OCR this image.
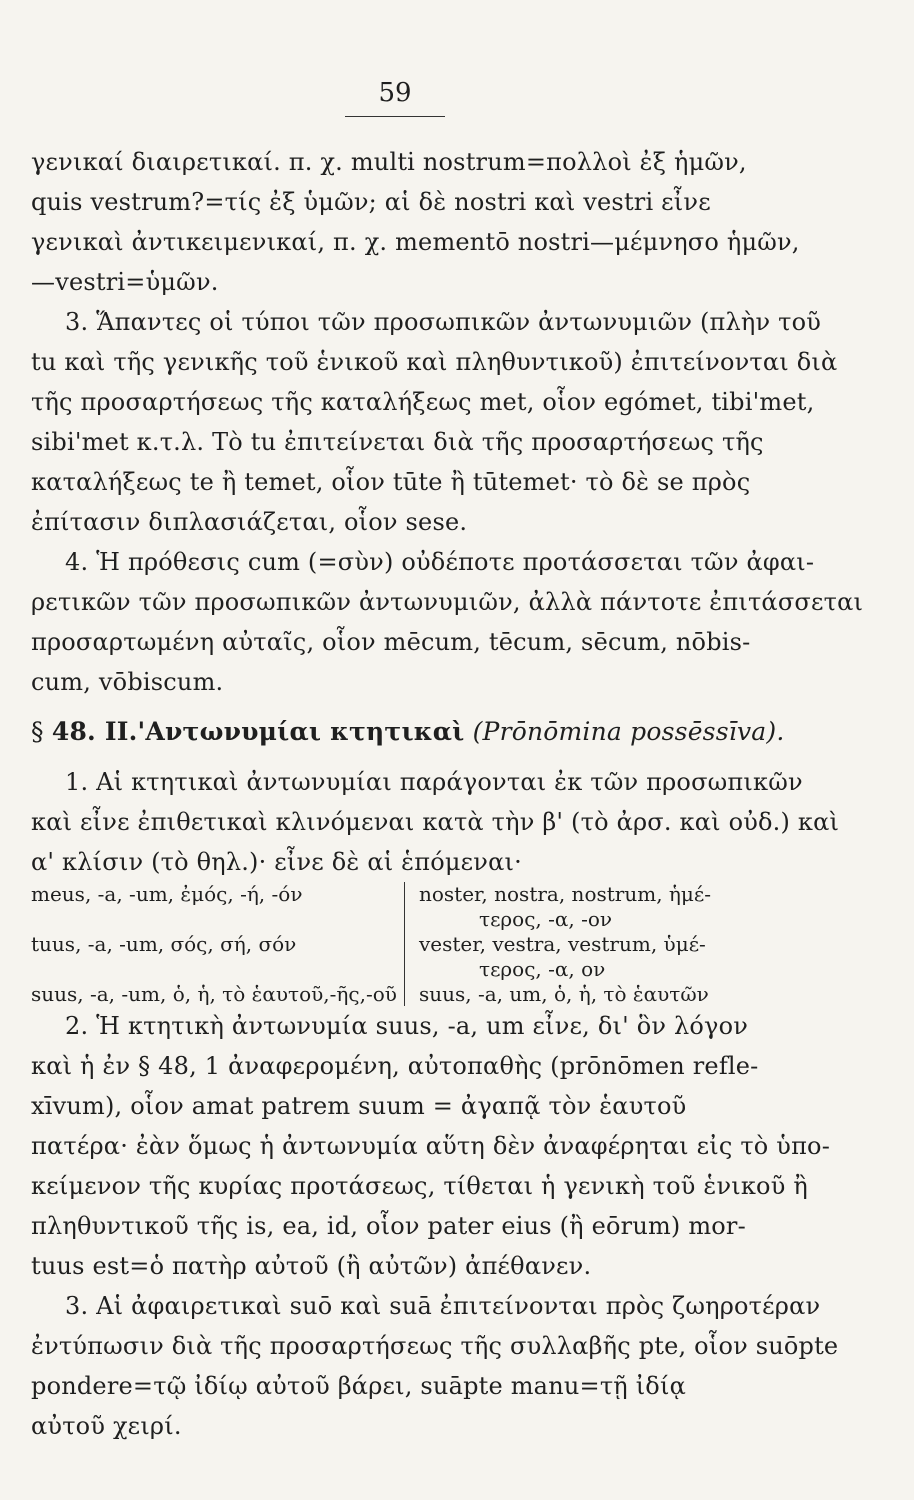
59
γενικαί διαιρετικαί. π. χ. multi nostrum=πολλοὶ ἐξ ἡμῶν,
quis vestrum?=τίς ἐξ ὑμῶν; αἱ δὲ nostri καὶ vestri εἶνε
γενικαὶ ἀντικειμενικαί, π. χ. mementō nostri—μέμνησο ἡμῶν,
—vestri=ὑμῶν.
3. Ἅπαντες οἱ τύποι τῶν προσωπικῶν ἀντωνυμιῶν (πλὴν τοῦ
tu καὶ τῆς γενικῆς τοῦ ἑνικοῦ καὶ πληθυντικοῦ) ἐπιτείνονται διὰ
τῆς προσαρτήσεως τῆς καταλήξεως met, οἷον egómet, tibi'met,
sibi'met κ.τ.λ. Τὸ tu ἐπιτείνεται διὰ τῆς προσαρτήσεως τῆς
καταλήξεως te ἢ temet, οἷον tūte ἢ tūtemet· τὸ δὲ se πρὸς
ἐπίτασιν διπλασιάζεται, οἷον sese.
4. Ἡ πρόθεσις cum (=σὺν) οὐδέποτε προτάσσεται τῶν ἀφαι-
ρετικῶν τῶν προσωπικῶν ἀντωνυμιῶν, ἀλλὰ πάντοτε ἐπιτάσσεται
προσαρτωμένη αὐταῖς, οἷον mēcum, tēcum, sēcum, nōbis-
cum, vōbiscum.
§ 48. II.'Αντωνυμίαι κτητικαὶ (Prōnōmina possēssīva).
1. Αἱ κτητικαὶ ἀντωνυμίαι παράγονται ἐκ τῶν προσωπικῶν
καὶ εἶνε ἐπιθετικαὶ κλινόμεναι κατὰ τὴν β' (τὸ ἀρσ. καὶ οὐδ.) καὶ
α' κλίσιν (τὸ θηλ.)· εἶνε δὲ αἱ ἑπόμεναι·
meus, -a, -um, ἐμός, -ή, -όν
tuus, -a, -um, σός, σή, σόν
suus, -a, -um, ὁ, ἡ, τὸ ἑαυτοῦ,-ῆς,-οῦ
noster, nostra, nostrum, ἡμέ-
τερος, -α, -ον
vester, vestra, vestrum, ὑμέ-
τερος, -α, ον
suus, -a, um, ὁ, ἡ, τὸ ἑαυτῶν
2. Ἡ κτητικὴ ἀντωνυμία suus, -a, um εἶνε, δι' ὃν λόγον
καὶ ἡ ἐν § 48, 1 ἀναφερομένη, αὐτοπαθὴς (prōnōmen refle-
xīvum), οἷον amat patrem suum = ἀγαπᾷ τὸν ἑαυτοῦ
πατέρα· ἐὰν ὅμως ἡ ἀντωνυμία αὕτη δὲν ἀναφέρηται εἰς τὸ ὑπο-
κείμενον τῆς κυρίας προτάσεως, τίθεται ἡ γενικὴ τοῦ ἑνικοῦ ἢ
πληθυντικοῦ τῆς is, ea, id, οἷον pater eius (ἢ eōrum) mor-
tuus est=ὁ πατὴρ αὐτοῦ (ἢ αὐτῶν) ἀπέθανεν.
3. Αἱ ἀφαιρετικαὶ suō καὶ suā ἐπιτείνονται πρὸς ζωηροτέραν
ἐντύπωσιν διὰ τῆς προσαρτήσεως τῆς συλλαβῆς pte, οἷον suōpte
pondere=τῷ ἰδίῳ αὐτοῦ βάρει, suāpte manu=τῇ ἰδίᾳ
αὐτοῦ χειρί.
